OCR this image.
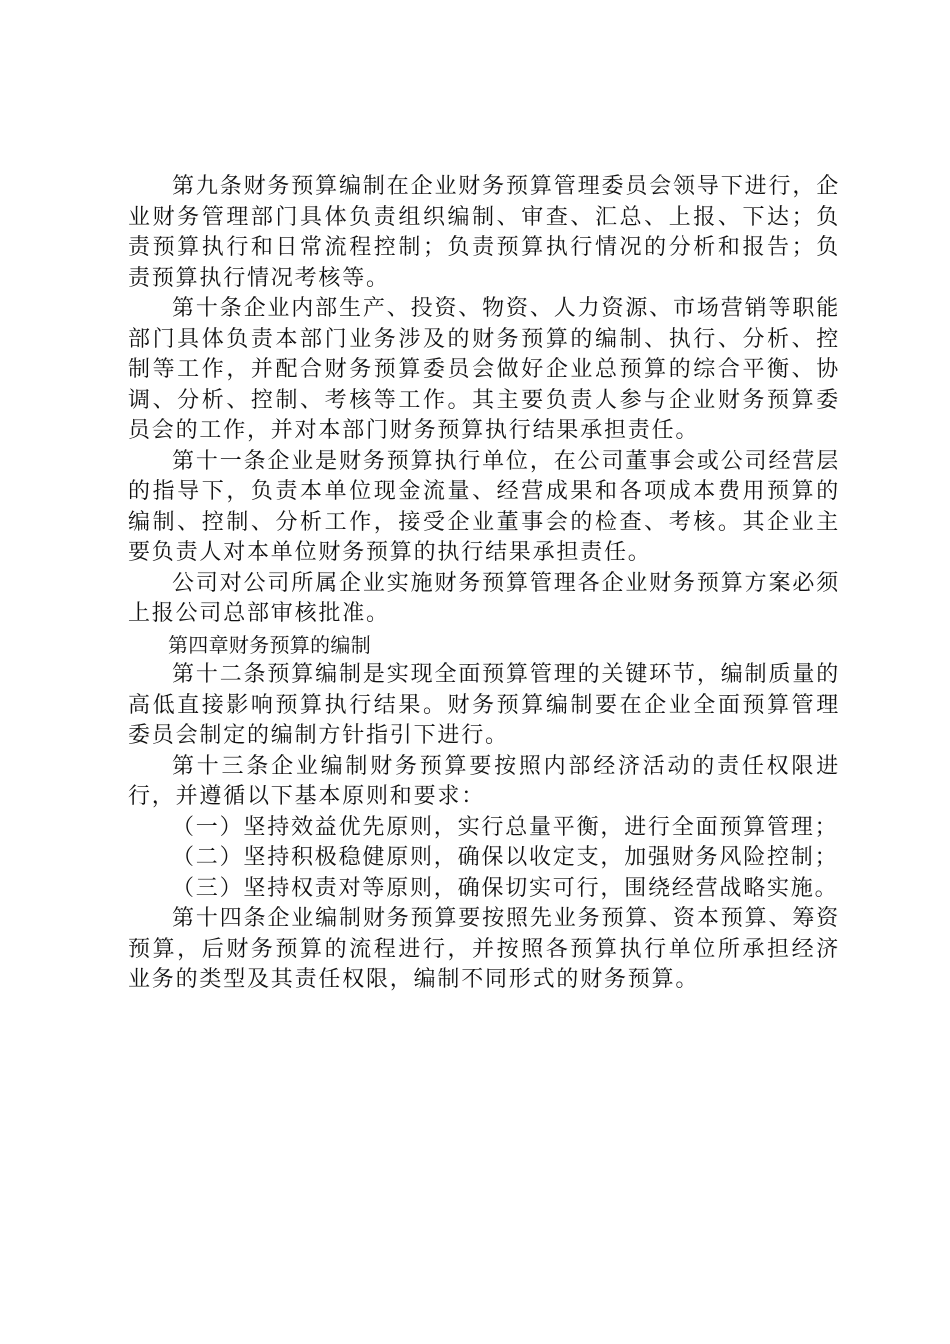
第九条财务预算编制在企业财务预算管理委员会领导下进行，企业财务管理部门具体负责组织编制、审查、汇总、上报、下达；负责预算执行和日常流程控制；负责预算执行情况的分析和报告；负责预算执行情况考核等。

第十条企业内部生产、投资、物资、人力资源、市场营销等职能部门具体负责本部门业务涉及的财务预算的编制、执行、分析、控制等工作，并配合财务预算委员会做好企业总预算的综合平衡、协调、分析、控制、考核等工作。其主要负责人参与企业财务预算委员会的工作，并对本部门财务预算执行结果承担责任。

第十一条企业是财务预算执行单位，在公司董事会或公司经营层的指导下，负责本单位现金流量、经营成果和各项成本费用预算的编制、控制、分析工作，接受企业董事会的检查、考核。其企业主要负责人对本单位财务预算的执行结果承担责任。

公司对公司所属企业实施财务预算管理各企业财务预算方案必须上报公司总部审核批准。

第四章财务预算的编制

第十二条预算编制是实现全面预算管理的关键环节，编制质量的高低直接影响预算执行结果。财务预算编制要在企业全面预算管理委员会制定的编制方针指引下进行。

第十三条企业编制财务预算要按照内部经济活动的责任权限进行，并遵循以下基本原则和要求：

（一）坚持效益优先原则，实行总量平衡，进行全面预算管理；

（二）坚持积极稳健原则，确保以收定支，加强财务风险控制；

（三）坚持权责对等原则，确保切实可行，围绕经营战略实施。

第十四条企业编制财务预算要按照先业务预算、资本预算、筹资预算，后财务预算的流程进行，并按照各预算执行单位所承担经济业务的类型及其责任权限，编制不同形式的财务预算。
